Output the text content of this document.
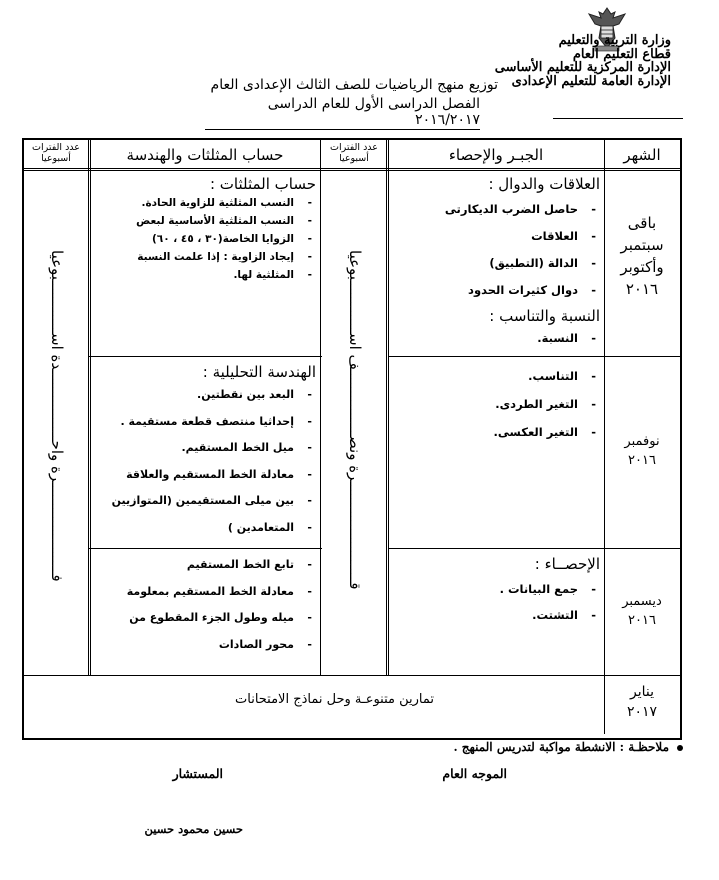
وزارة التربية والتعليم
قطاع التعليم العام
الإدارة المركزية للتعليم الأساسى
الإدارة العامة للتعليم الإعدادى
توزيع منهج الرياضيات للصف الثالث الإعدادى العام
الفصل الدراسى الأول للعام الدراسى ٢٠١٦/٢٠١٧
الشهر
الجبـر والإحصاء
عدد الفترات
أسبوعيا
حساب المثلثات والهندسة
عدد الفترات
أسبوعيا
باقى
سبتمبر
وأكتوبر
٢٠١٦
العلاقات والدوال :
- حاصل الضرب الديكارتى
- العلاقات
- الدالة (التطبيق)
- دوال كثيرات الحدود
النسبة والتناسب :
- النسبة.
حساب المثلثات :
- النسب المثلثية للزاوية الحادة.
- النسب المثلثية الأساسية لبعض
- الزوايا الخاصة(٣٠ ، ٤٥ ، ٦٠)
- إيجاد الزاوية : إذا علمت النسبة
- المثلثية لها.
نوفمبر
٢٠١٦
- التناسب.
- التغير الطردى.
- التغير العكسى.
الهندسة التحليلية :
- البعد بين نقطتين.
- إحداثيا منتصف قطعة مستقيمة .
- ميل الخط المستقيم.
- معادلة الخط المستقيم والعلاقة
- بين ميلى المستقيمين (المتوازيين
- المتعامدين )
ديسمبر
٢٠١٦
الإحصــاء :
- جمع البيانات .
- التشتت.
- تابع الخط المستقيم
- معادلة الخط المستقيم بمعلومة
- ميله وطول الجزء المقطوع من
- محور الصادات
قـــــــــــــــــــــــرة ونصـــــــــــــــف اســــــــــــبوعيا
فـــــــــــــــــــــرة واحــــــــــــــــدة اســــــــــــبوعيا
يناير
٢٠١٧
تمارين متنوعـة وحل نماذج الامتحانات
ملاحظـة : الانشطة مواكبة لتدريس المنهج .
الموجه العام
المستشار
حسين محمود حسين
